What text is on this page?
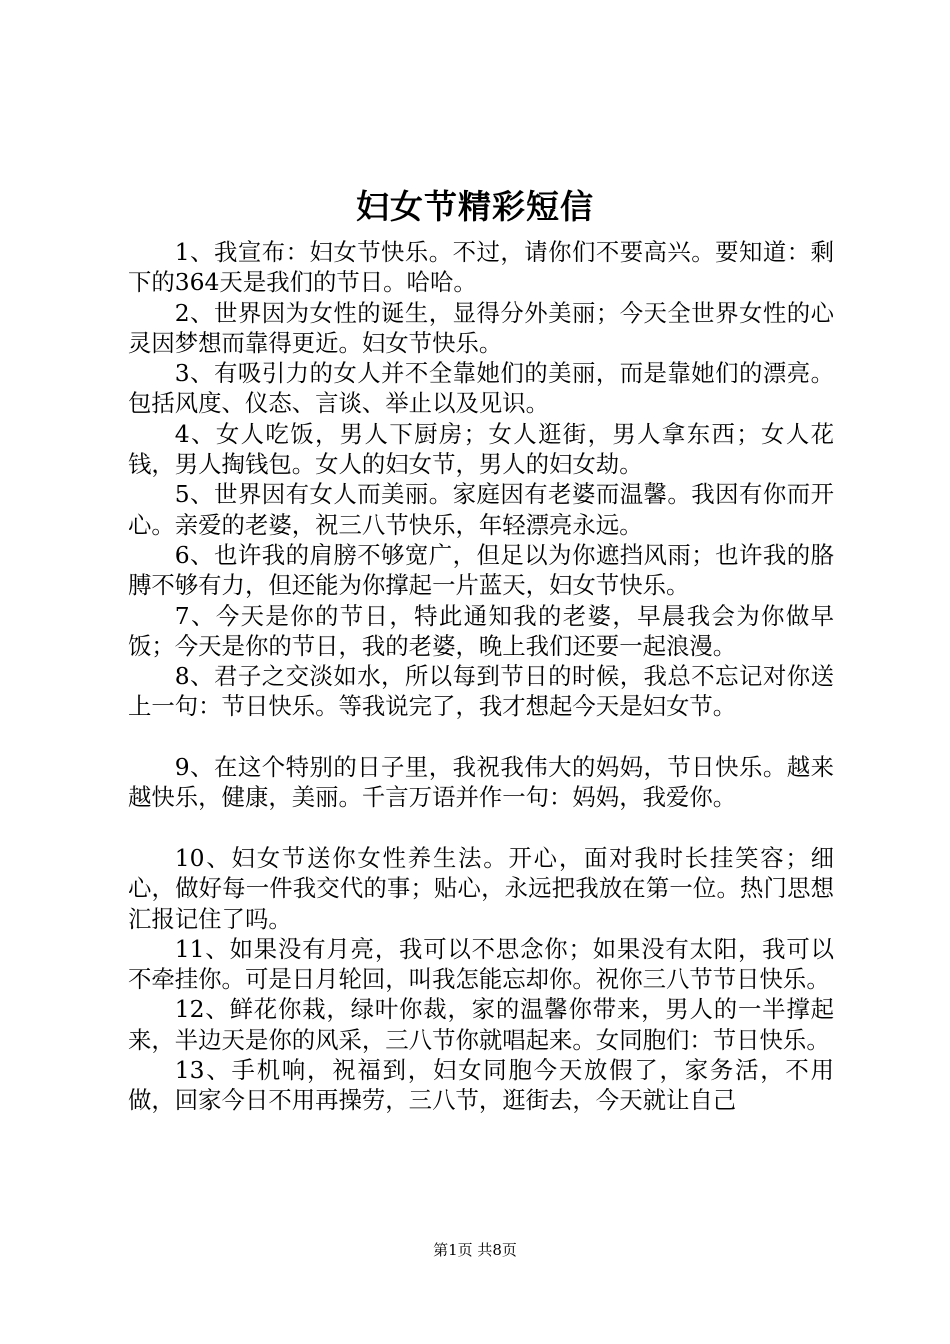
妇女节精彩短信

1、我宣布：妇女节快乐。不过，请你们不要高兴。要知道：剩下的364天是我们的节日。哈哈。

2、世界因为女性的诞生，显得分外美丽；今天全世界女性的心灵因梦想而靠得更近。妇女节快乐。

3、有吸引力的女人并不全靠她们的美丽，而是靠她们的漂亮。包括风度、仪态、言谈、举止以及见识。

4、女人吃饭，男人下厨房；女人逛街，男人拿东西；女人花钱，男人掏钱包。女人的妇女节，男人的妇女劫。

5、世界因有女人而美丽。家庭因有老婆而温馨。我因有你而开心。亲爱的老婆，祝三八节快乐，年轻漂亮永远。

6、也许我的肩膀不够宽广，但足以为你遮挡风雨；也许我的胳膊不够有力，但还能为你撑起一片蓝天，妇女节快乐。

7、今天是你的节日，特此通知我的老婆，早晨我会为你做早饭；今天是你的节日，我的老婆，晚上我们还要一起浪漫。

8、君子之交淡如水，所以每到节日的时候，我总不忘记对你送上一句：节日快乐。等我说完了，我才想起今天是妇女节。

9、在这个特别的日子里，我祝我伟大的妈妈，节日快乐。越来越快乐，健康，美丽。千言万语并作一句：妈妈，我爱你。

10、妇女节送你女性养生法。开心，面对我时长挂笑容；细心，做好每一件我交代的事；贴心，永远把我放在第一位。热门思想汇报记住了吗。

11、如果没有月亮，我可以不思念你；如果没有太阳，我可以不牵挂你。可是日月轮回，叫我怎能忘却你。祝你三八节节日快乐。

12、鲜花你栽，绿叶你裁，家的温馨你带来，男人的一半撑起来，半边天是你的风采，三八节你就唱起来。女同胞们：节日快乐。

13、手机响，祝福到，妇女同胞今天放假了，家务活，不用做，回家今日不用再操劳，三八节，逛街去，今天就让自己

第1页 共8页
